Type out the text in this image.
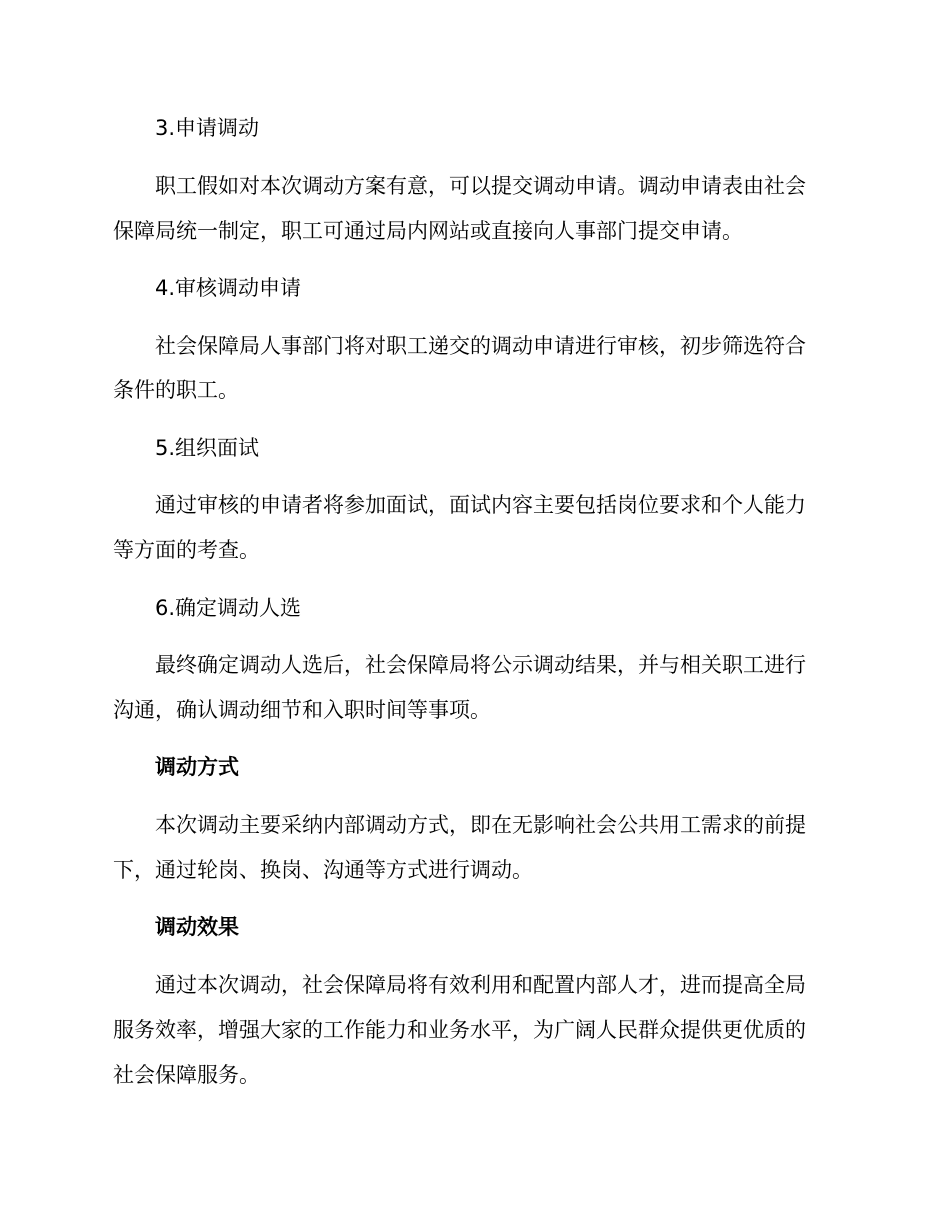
3.申请调动

职工假如对本次调动方案有意，可以提交调动申请。调动申请表由社会

保障局统一制定，职工可通过局内网站或直接向人事部门提交申请。

4.审核调动申请

社会保障局人事部门将对职工递交的调动申请进行审核，初步筛选符合

条件的职工。

5.组织面试

通过审核的申请者将参加面试，面试内容主要包括岗位要求和个人能力

等方面的考查。

6.确定调动人选

最终确定调动人选后，社会保障局将公示调动结果，并与相关职工进行

沟通，确认调动细节和入职时间等事项。

调动方式

本次调动主要采纳内部调动方式，即在无影响社会公共用工需求的前提

下，通过轮岗、换岗、沟通等方式进行调动。

调动效果

通过本次调动，社会保障局将有效利用和配置内部人才，进而提高全局

服务效率，增强大家的工作能力和业务水平，为广阔人民群众提供更优质的

社会保障服务。
